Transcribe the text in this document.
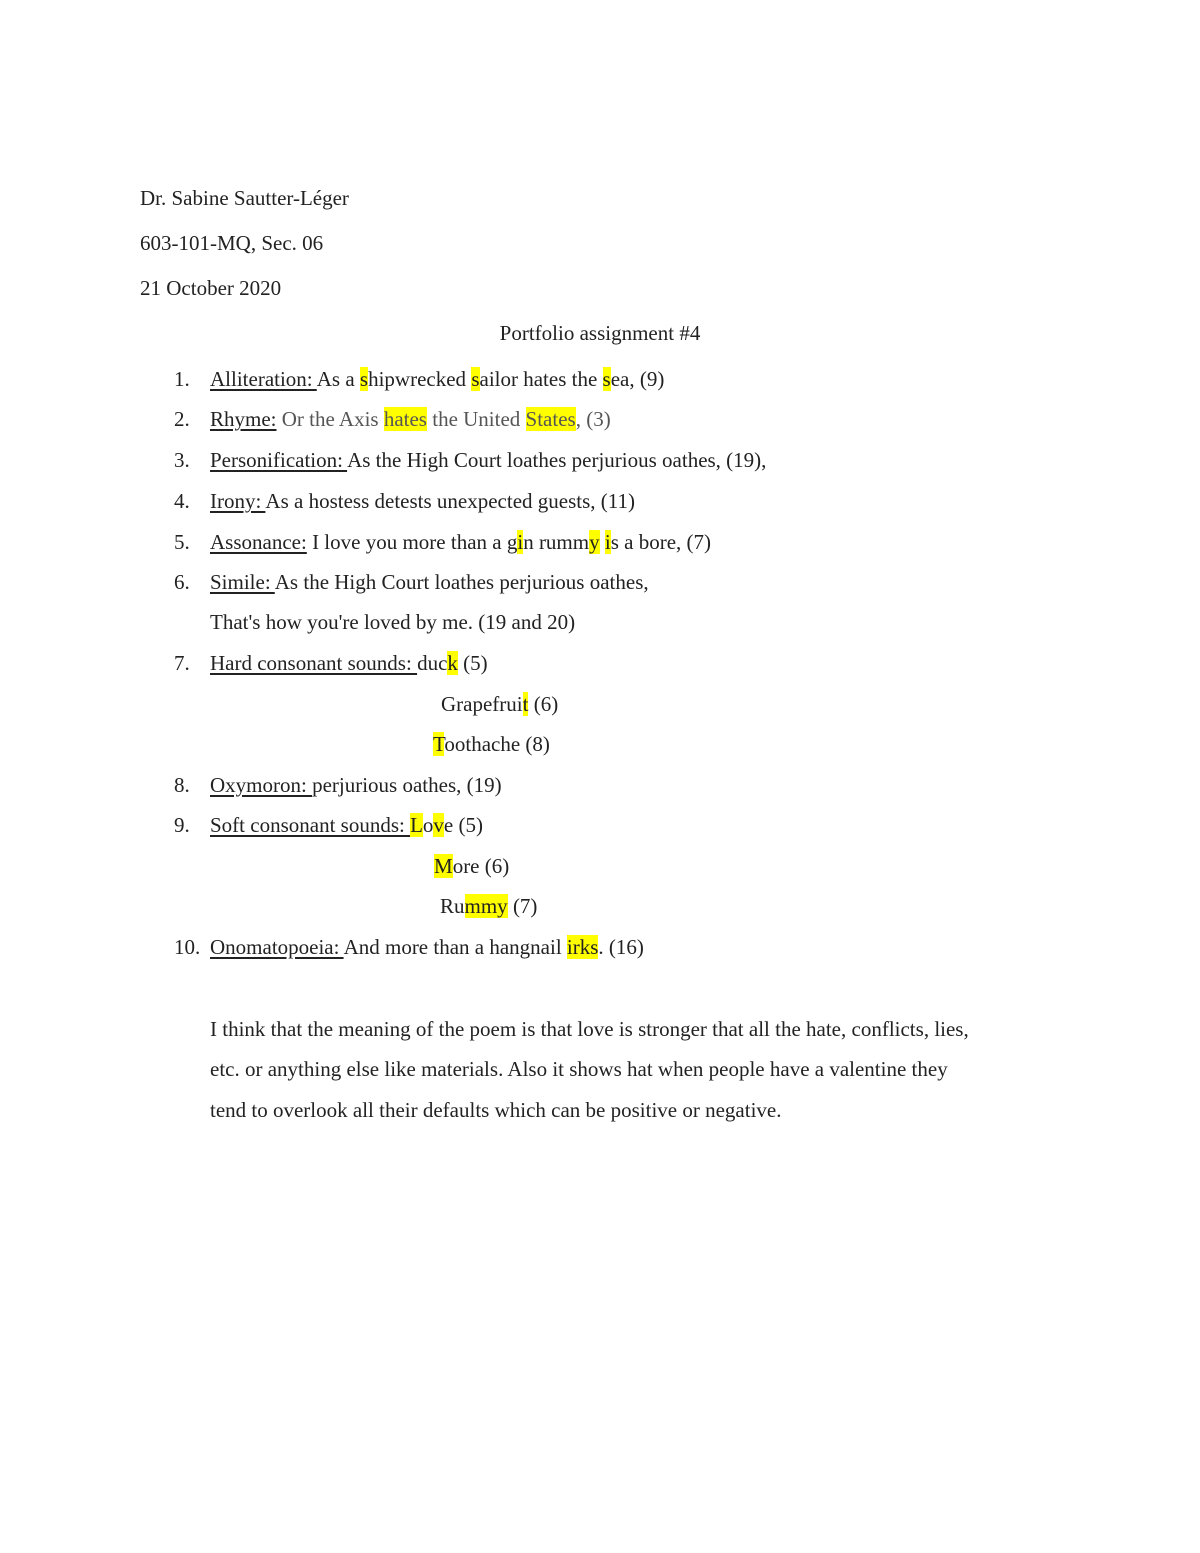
Dr. Sabine Sautter-Léger
603-101-MQ, Sec. 06
21 October 2020
Portfolio assignment #4
1. Alliteration: As a shipwrecked sailor hates the sea, (9)
2. Rhyme: Or the Axis hates the United States, (3)
3. Personification: As the High Court loathes perjurious oathes, (19),
4. Irony: As a hostess detests unexpected guests, (11)
5. Assonance: I love you more than a gin rummy is a bore, (7)
6. Simile: As the High Court loathes perjurious oathes,
That's how you're loved by me. (19 and 20)
7. Hard consonant sounds: duck (5)
Grapefruit (6)
Toothache (8)
8. Oxymoron: perjurious oathes, (19)
9. Soft consonant sounds: Love (5)
More (6)
Rummy (7)
10. Onomatopoeia: And more than a hangnail irks. (16)
I think that the meaning of the poem is that love is stronger that all the hate, conflicts, lies,
etc. or anything else like materials. Also it shows hat when people have a valentine they
tend to overlook all their defaults which can be positive or negative.
